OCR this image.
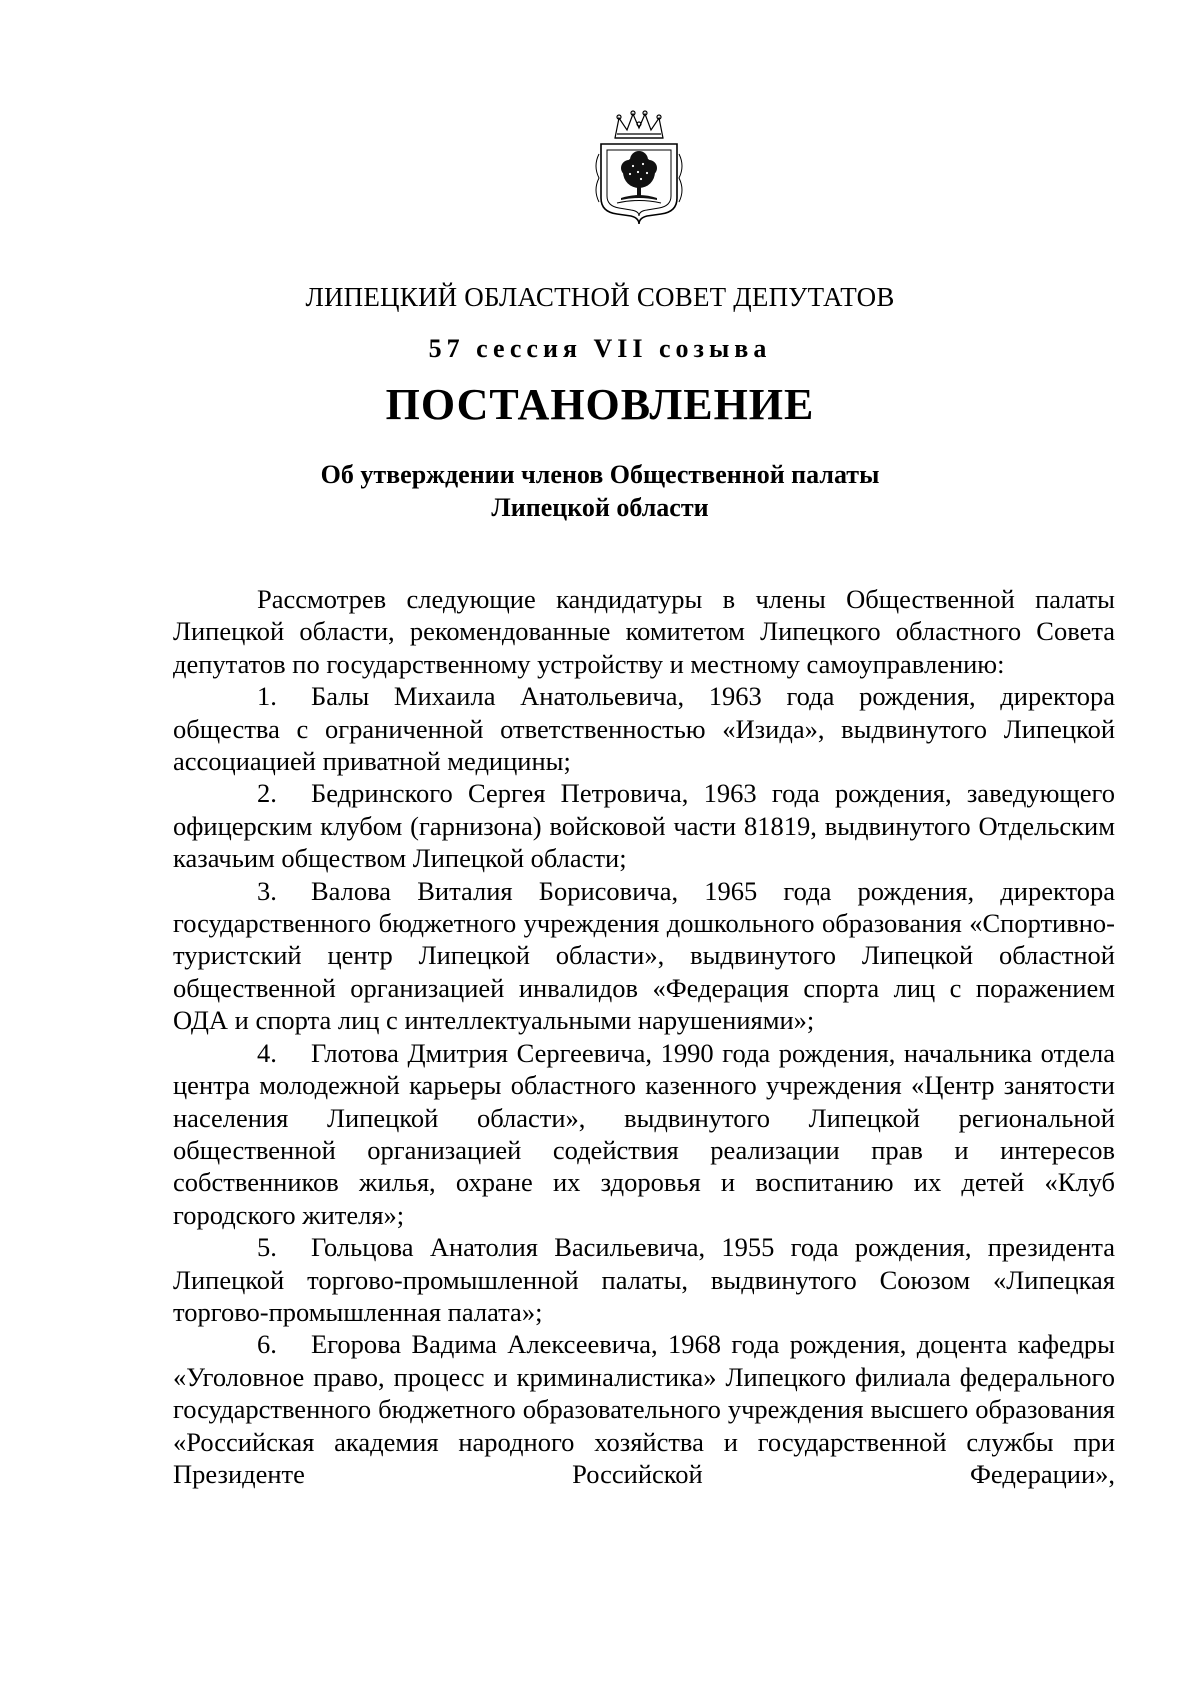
ЛИПЕЦКИЙ ОБЛАСТНОЙ СОВЕТ ДЕПУТАТОВ
57 сессия VII созыва
ПОСТАНОВЛЕНИЕ
Об утверждении членов Общественной палаты
Липецкой области

Рассмотрев следующие кандидатуры в члены Общественной палаты Липецкой области, рекомендованные комитетом Липецкого областного Совета депутатов по государственному устройству и местному самоуправлению:

1. Балы Михаила Анатольевича, 1963 года рождения, директора общества с ограниченной ответственностью «Изида», выдвинутого Липецкой ассоциацией приватной медицины;

2. Бедринского Сергея Петровича, 1963 года рождения, заведующего офицерским клубом (гарнизона) войсковой части 81819, выдвинутого Отдельским казачьим обществом Липецкой области;

3. Валова Виталия Борисовича, 1965 года рождения, директора государственного бюджетного учреждения дошкольного образования «Спортивно-туристский центр Липецкой области», выдвинутого Липецкой областной общественной организацией инвалидов «Федерация спорта лиц с поражением ОДА и спорта лиц с интеллектуальными нарушениями»;

4. Глотова Дмитрия Сергеевича, 1990 года рождения, начальника отдела центра молодежной карьеры областного казенного учреждения «Центр занятости населения Липецкой области», выдвинутого Липецкой региональной общественной организацией содействия реализации прав и интересов собственников жилья, охране их здоровья и воспитанию их детей «Клуб городского жителя»;

5. Гольцова Анатолия Васильевича, 1955 года рождения, президента Липецкой торгово-промышленной палаты, выдвинутого Союзом «Липецкая торгово-промышленная палата»;

6. Егорова Вадима Алексеевича, 1968 года рождения, доцента кафедры «Уголовное право, процесс и криминалистика» Липецкого филиала федерального государственного бюджетного образовательного учреждения высшего образования «Российская академия народного хозяйства и государственной службы при Президенте Российской Федерации»,
